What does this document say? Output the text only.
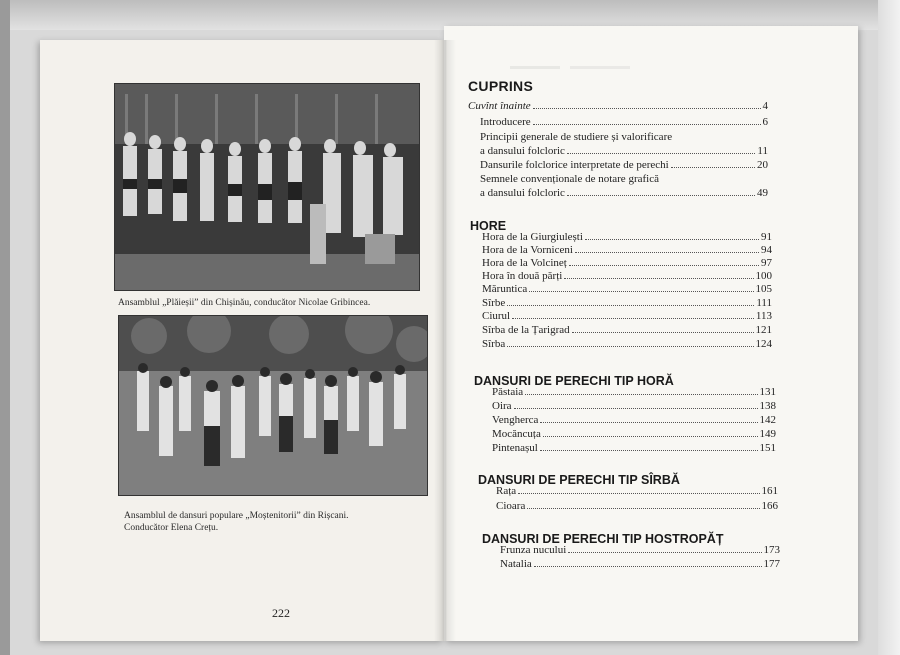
Ansamblul „Plăieșii” din Chișinău, conducător Nicolae Gribincea.
Ansamblul de dansuri populare „Moștenitorii” din Rișcani.
Conducător Elena Crețu.
222
CUPRINS
Cuvînt înainte	4
Introducere	6
Principii generale de studiere și valorificare
a dansului folcloric	11
Dansurile folclorice interpretate de perechi	20
Semnele convenționale de notare grafică
a dansului folcloric	49
HORE
Hora de la Giurgiulești	91
Hora de la Vorniceni	94
Hora de la Volcineț	97
Hora în două părți	100
Măruntica	105
Sîrbe	111
Ciurul	113
Sîrba de la Țarigrad	121
Sîrba	124
DANSURI DE PERECHI TIP HORĂ
Păstaia	131
Oira	138
Vengherca	142
Mocăncuța	149
Pintenașul	151
DANSURI DE PERECHI TIP SÎRBĂ
Rața	161
Cioara	166
DANSURI DE PERECHI TIP HOSTROPĂȚ
Frunza nucului	173
Natalia	177
